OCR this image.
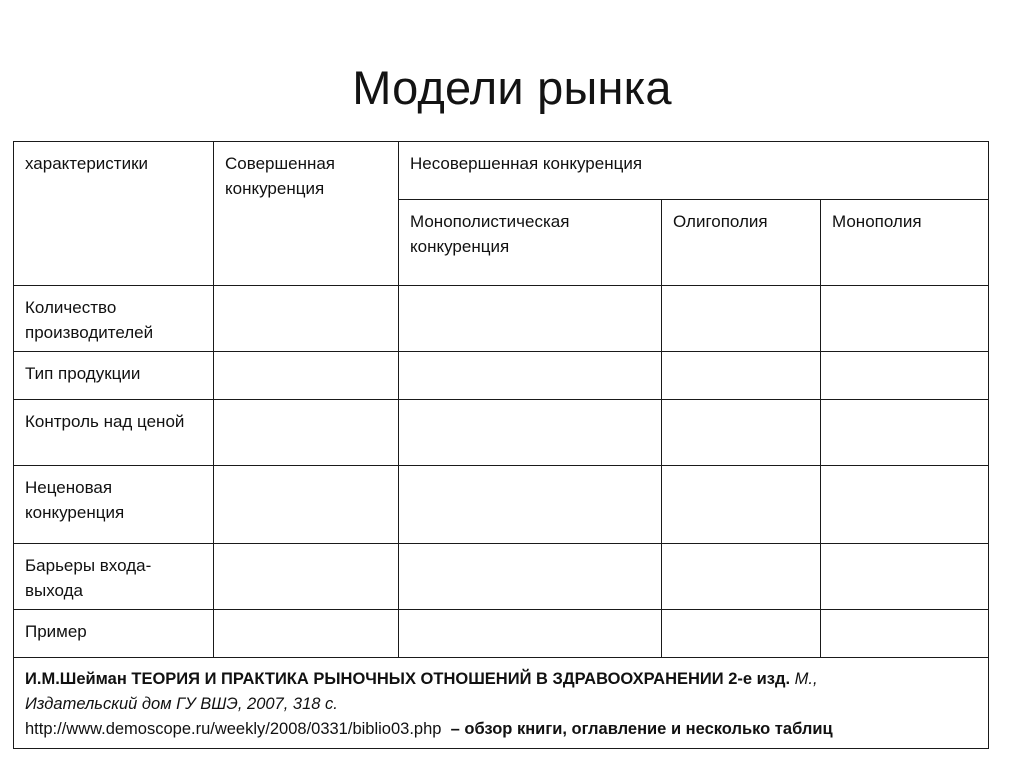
Модели рынка
характеристики	Совершенная конкуренция	Несовершенная конкуренция		
		Монополистическая конкуренция	Олигополия	Монополия
Количество производителей				
Тип продукции				
Контроль над ценой				
Неценовая конкуренция				
Барьеры входа-выхода				
Пример				

И.М.Шейман ТЕОРИЯ И ПРАКТИКА РЫНОЧНЫХ ОТНОШЕНИЙ В ЗДРАВООХРАНЕНИИ 2-е изд. М.,
Издательский дом ГУ ВШЭ, 2007, 318 с.
http://www.demoscope.ru/weekly/2008/0331/biblio03.php – обзор книги, оглавление и несколько таблиц				
